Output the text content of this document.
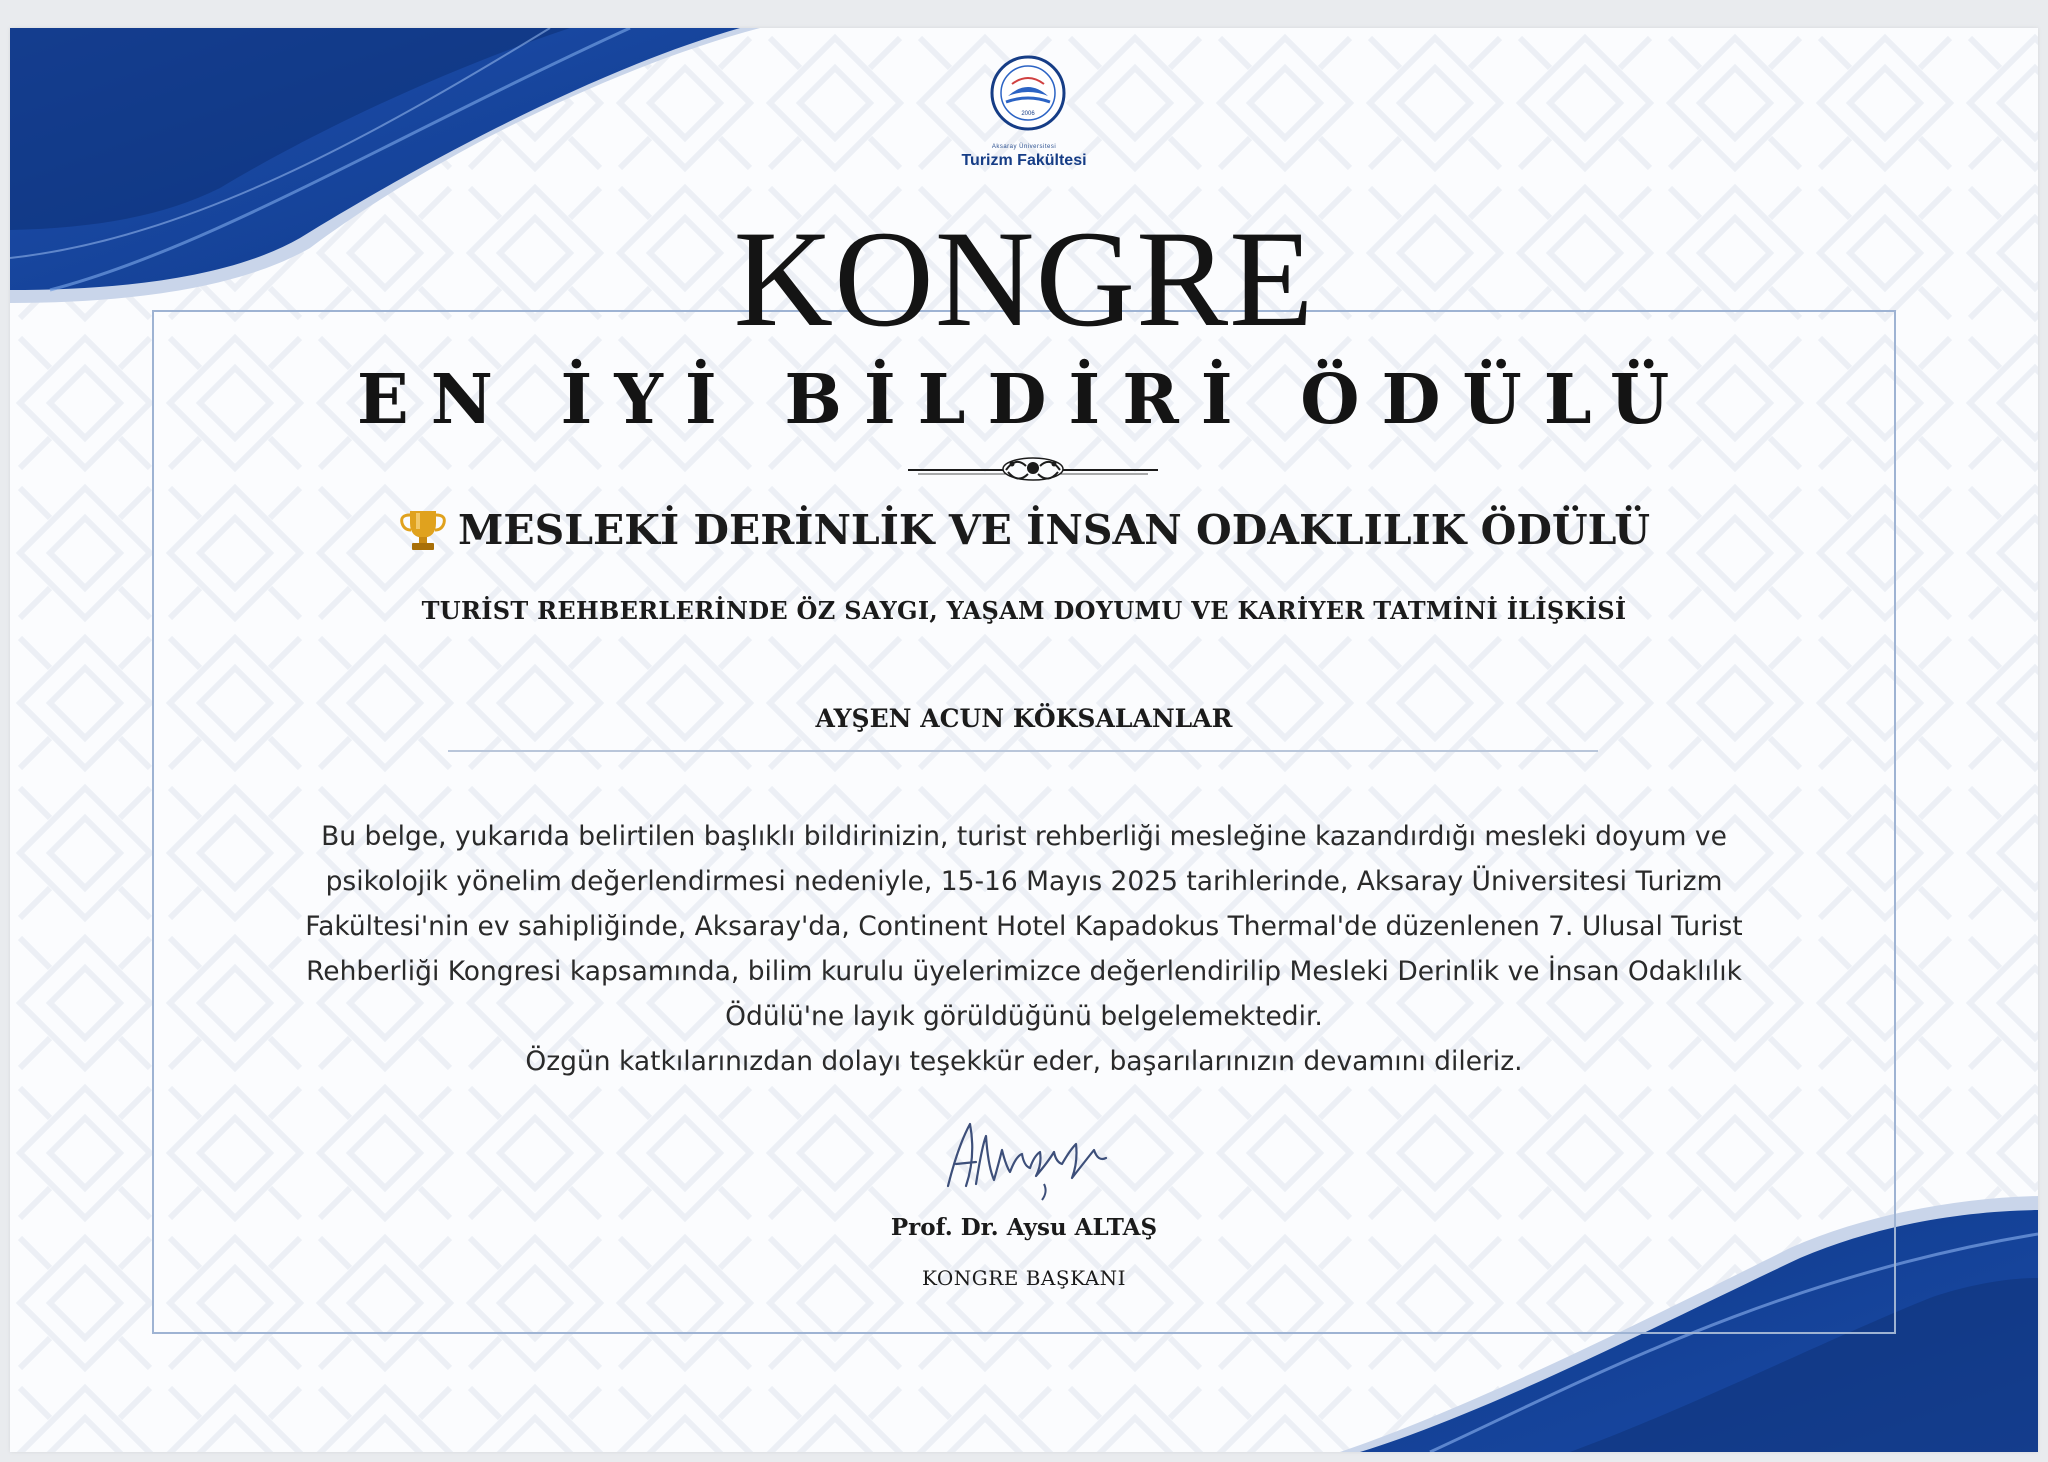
2006
Aksaray Üniversitesi
Turizm Fakültesi
KONGRE
EN İYİ BİLDİRİ ÖDÜLÜ
MESLEKİ DERİNLİK VE İNSAN ODAKLILIK ÖDÜLÜ
TURİST REHBERLERİNDE ÖZ SAYGI, YAŞAM DOYUMU VE KARİYER TATMİNİ İLİŞKİSİ
AYŞEN ACUN KÖKSALANLAR

Bu belge, yukarıda belirtilen başlıklı bildirinizin, turist rehberliği mesleğine kazandırdığı mesleki doyum ve

psikolojik yönelim değerlendirmesi nedeniyle, 15-16 Mayıs 2025 tarihlerinde, Aksaray Üniversitesi Turizm

Fakültesi'nin ev sahipliğinde, Aksaray'da, Continent Hotel Kapadokus Thermal'de düzenlenen 7. Ulusal Turist

Rehberliği Kongresi kapsamında, bilim kurulu üyelerimizce değerlendirilip Mesleki Derinlik ve İnsan Odaklılık

Ödülü'ne layık görüldüğünü belgelemektedir.

Özgün katkılarınızdan dolayı teşekkür eder, başarılarınızın devamını dileriz.

Prof. Dr. Aysu ALTAŞ
KONGRE BAŞKANI
